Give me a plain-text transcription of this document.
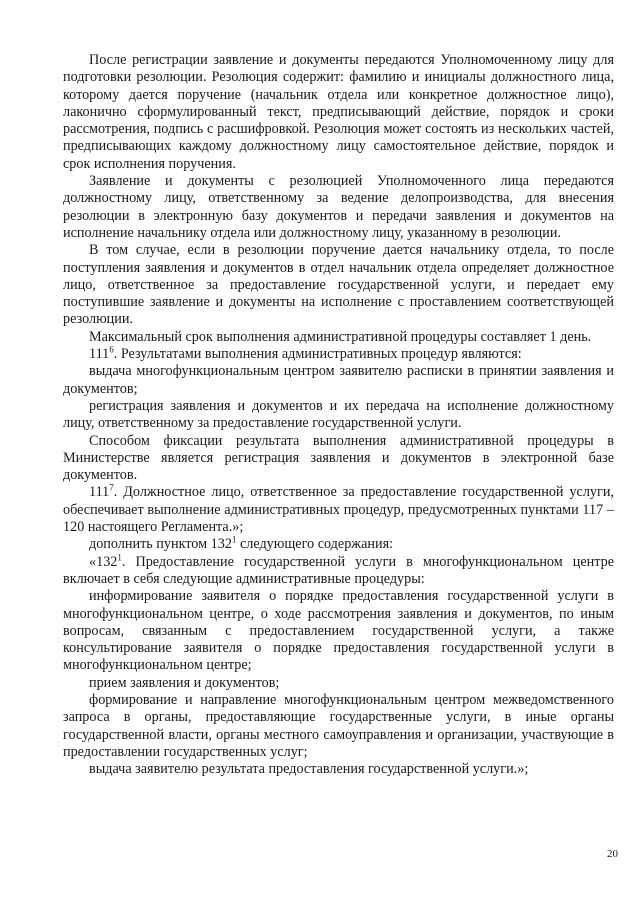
После регистрации заявление и документы передаются Уполномоченному лицу для подготовки резолюции. Резолюция содержит: фамилию и инициалы должностного лица, которому дается поручение (начальник отдела или конкретное должностное лицо), лаконично сформулированный текст, предписывающий действие, порядок и сроки рассмотрения, подпись с расшифровкой. Резолюция может состоять из нескольких частей, предписывающих каждому должностному лицу самостоятельное действие, порядок и срок исполнения поручения.

Заявление и документы с резолюцией Уполномоченного лица передаются должностному лицу, ответственному за ведение делопроизводства, для внесения резолюции в электронную базу документов и передачи заявления и документов на исполнение начальнику отдела или должностному лицу, указанному в резолюции.

В том случае, если в резолюции поручение дается начальнику отдела, то после поступления заявления и документов в отдел начальник отдела определяет должностное лицо, ответственное за предоставление государственной услуги, и передает ему поступившие заявление и документы на исполнение с проставлением соответствующей резолюции.

Максимальный срок выполнения административной процедуры составляет 1 день.

$111^6$. Результатами выполнения административных процедур являются:

выдача многофункциональным центром заявителю расписки в принятии заявления и документов;

регистрация заявления и документов и их передача на исполнение должностному лицу, ответственному за предоставление государственной услуги.

Способом фиксации результата выполнения административной процедуры в Министерстве является регистрация заявления и документов в электронной базе документов.

$111^7$. Должностное лицо, ответственное за предоставление государственной услуги, обеспечивает выполнение административных процедур, предусмотренных пунктами 117 – 120 настоящего Регламента.»;

дополнить пунктом $132^1$ следующего содержания:

«$132^1$. Предоставление государственной услуги в многофункциональном центре включает в себя следующие административные процедуры:

информирование заявителя о порядке предоставления государственной услуги в многофункциональном центре, о ходе рассмотрения заявления и документов, по иным вопросам, связанным с предоставлением государственной услуги, а также консультирование заявителя о порядке предоставления государственной услуги в многофункциональном центре;

прием заявления и документов;

формирование и направление многофункциональным центром межведомственного запроса в органы, предоставляющие государственные услуги, в иные органы государственной власти, органы местного самоуправления и организации, участвующие в предоставлении государственных услуг;

выдача заявителю результата предоставления государственной услуги.»;

20
